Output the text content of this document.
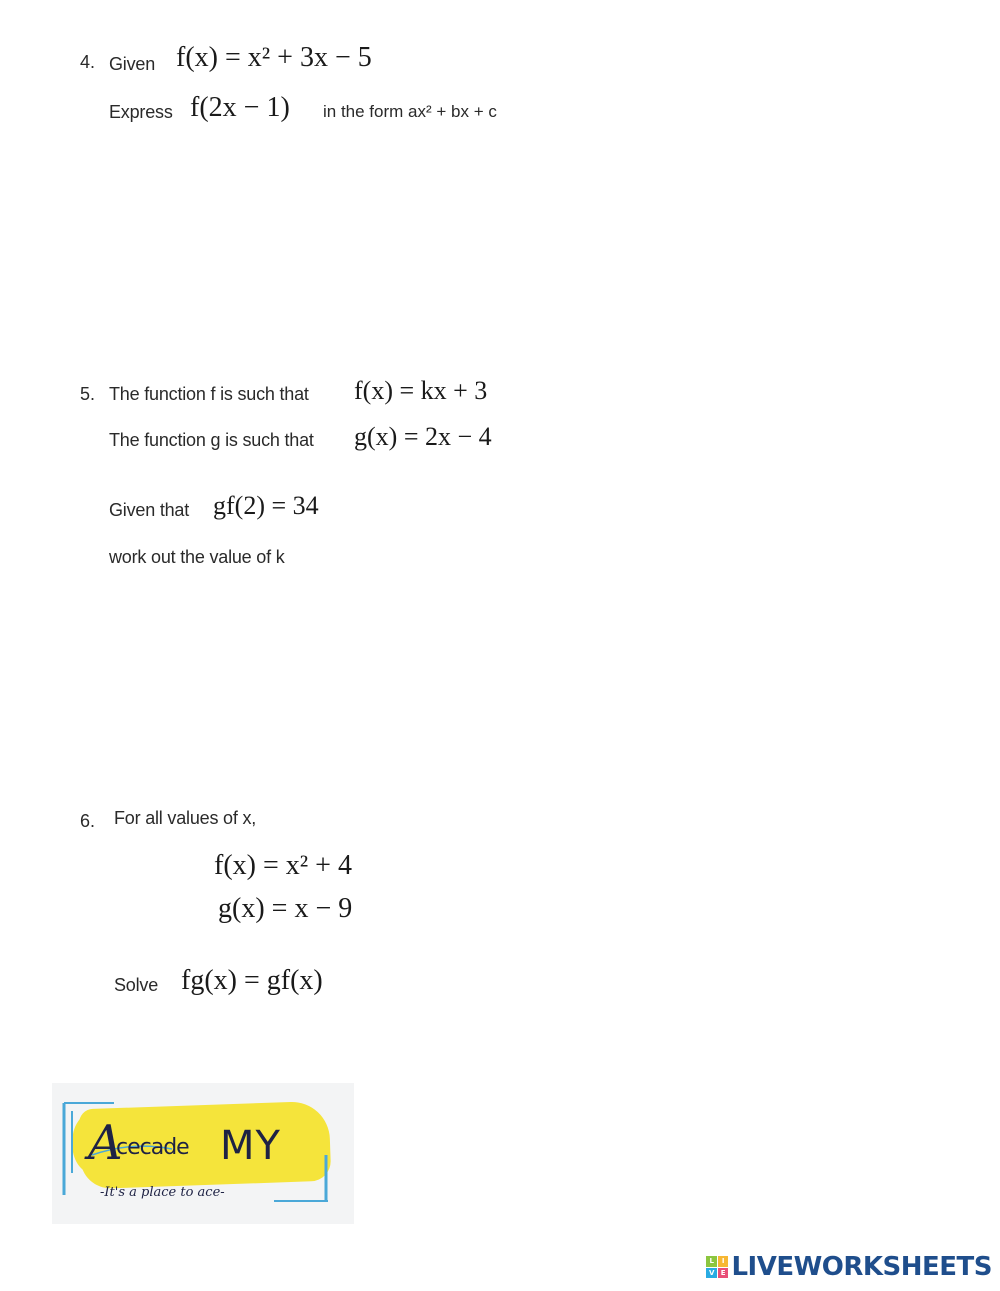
4. Given f(x) = x² + 3x − 5
Express f(2x − 1) in the form ax² + bx + c
5. The function f is such that f(x) = kx + 3
The function g is such that g(x) = 2x − 4
Given that gf(2) = 34
work out the value of k
6. For all values of x,
f(x) = x² + 4
g(x) = x − 9
Solve fg(x) = gf(x)
A
cecade MY
-It's a place to ace-
L	I
V E LIVEWORKSHEETS
